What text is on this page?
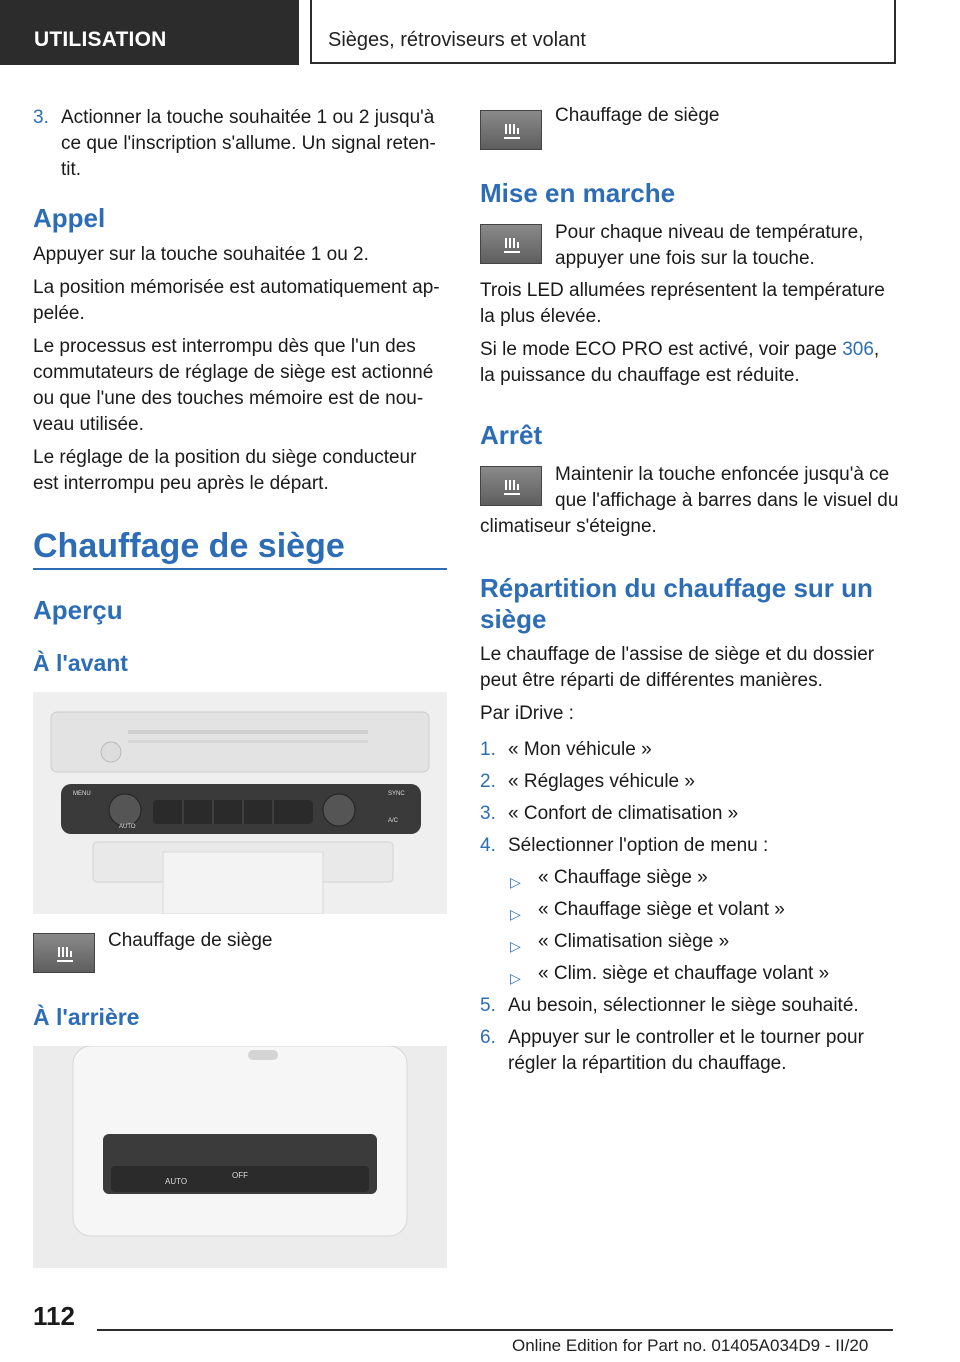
UTILISATION	Sièges, rétroviseurs et volant
3. Actionner la touche souhaitée 1 ou 2 jusqu'à
ce que l'inscription s'allume. Un signal reten-
tit.
Appel

Appuyer sur la touche souhaitée 1 ou 2.

La position mémorisée est automatiquement ap-
pelée.

Le processus est interrompu dès que l'un des
commutateurs de réglage de siège est actionné
ou que l'une des touches mémoire est de nou-
veau utilisée.

Le réglage de la position du siège conducteur
est interrompu peu après le départ.

Chauffage de siège
Aperçu
À l'avant
MENU
AUTO
SYNC
A/C
Chauffage de siège
À l'arrière
AUTO
OFF
Chauffage de siège
Mise en marche

Pour chaque niveau de température,
appuyer une fois sur la touche.

Trois LED allumées représentent la température
la plus élevée.

Si le mode ECO PRO est activé, voir page 306,
la puissance du chauffage est réduite.

Arrêt

Maintenir la touche enfoncée jusqu'à ce
que l'affichage à barres dans le visuel du

climatiseur s'éteigne.

Répartition du chauffage sur un
siège

Le chauffage de l'assise de siège et du dossier
peut être réparti de différentes manières.

Par iDrive :

1. « Mon véhicule »
2. « Réglages véhicule »
3. « Confort de climatisation »
4. Sélectionner l'option de menu :
▷ « Chauffage siège »
▷ « Chauffage siège et volant »
▷ « Climatisation siège »
▷ « Clim. siège et chauffage volant »
5. Au besoin, sélectionner le siège souhaité.
6. Appuyer sur le controller et le tourner pour
régler la répartition du chauffage.
112
Online Edition for Part no. 01405A034D9 - II/20
